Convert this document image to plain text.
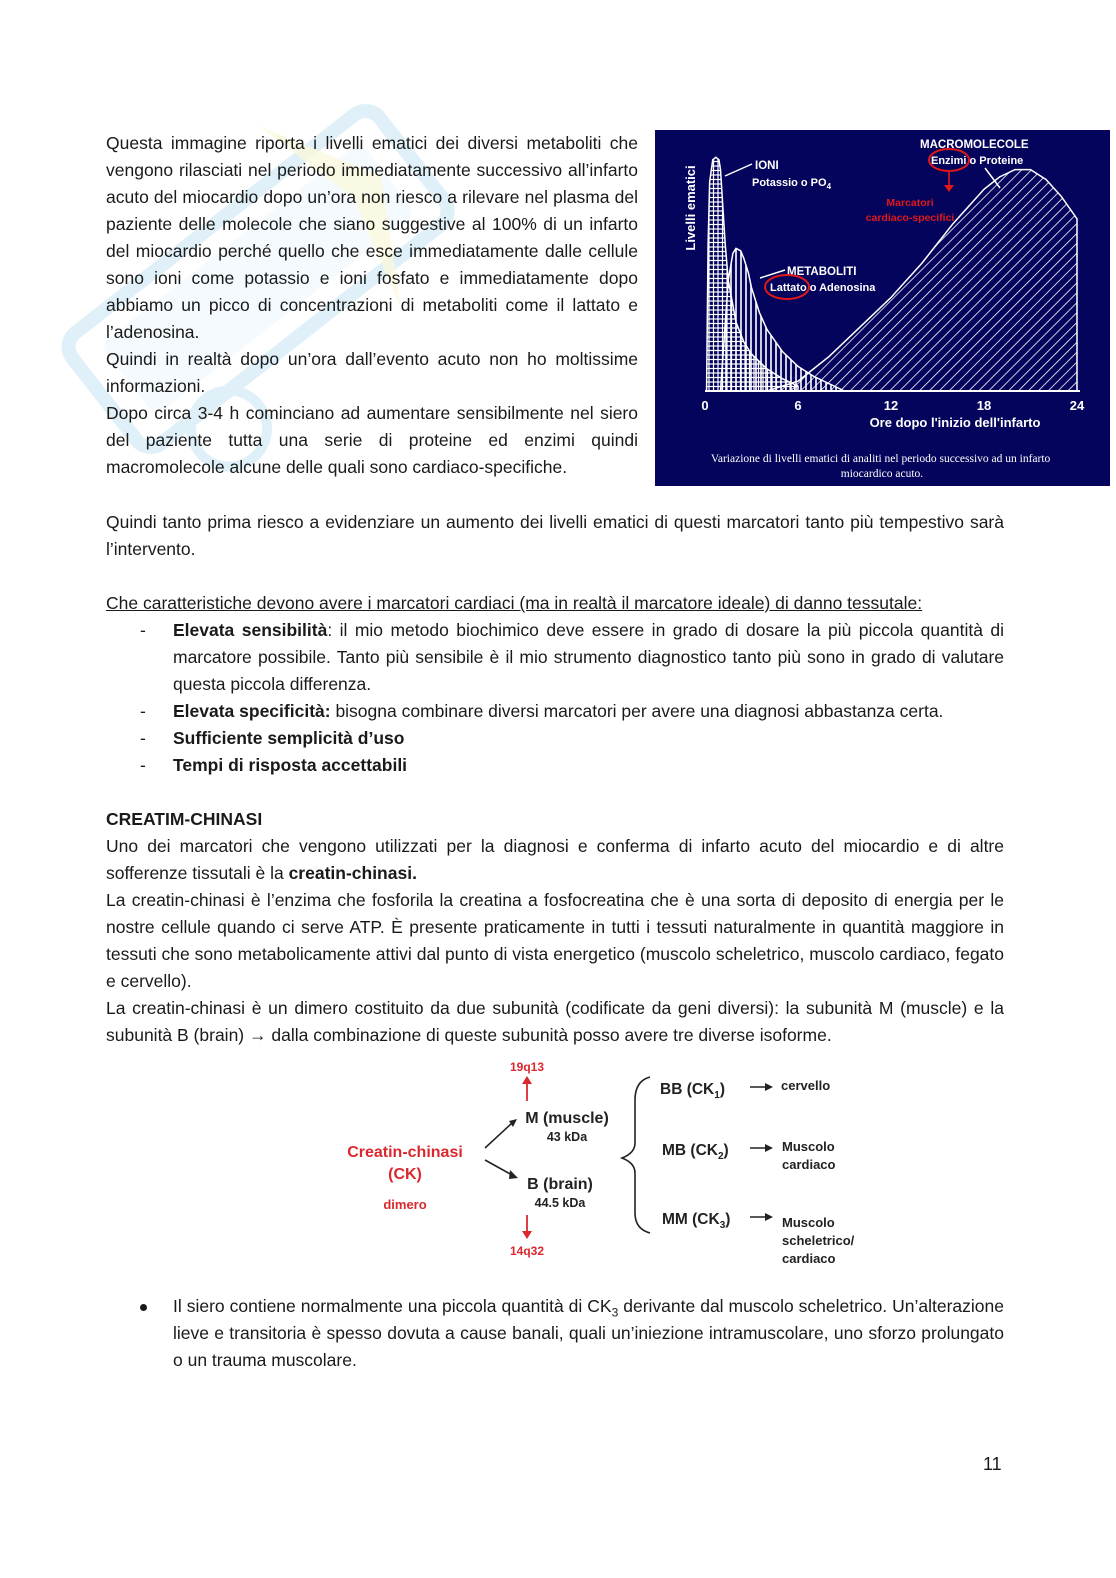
Questa immagine riporta i livelli ematici dei diversi metaboliti che vengono rilasciati nel periodo immediatamente successivo all’infarto acuto del miocardio dopo un’ora non riesco a rilevare nel plasma del paziente delle molecole che siano suggestive al 100% di un infarto del miocardio perché quello che esce immediatamente dalle cellule sono ioni come potassio e ioni fosfato e immediatamente dopo abbiamo un picco di concentrazioni di metaboliti come il lattato e l’adenosina.

Quindi in realtà dopo un’ora dall’evento acuto non ho moltissime informazioni.

Dopo circa 3-4 h cominciano ad aumentare sensibilmente nel siero del paziente tutta una serie di proteine ed enzimi quindi macromolecole alcune delle quali sono cardiaco-specifiche.

0	6	12	18	24
Livelli ematici
Ore dopo l'inizio dell'infarto
IONI
Potassio o $PO_4$
METABOLITI
Lattato o Adenosina
MACROMOLECOLE
Enzimi o Proteine
Marcatori
cardiaco-specifici
Variazione di livelli ematici di analiti nel periodo successivo ad un infarto miocardico acuto.

Quindi tanto prima riesco a evidenziare un aumento dei livelli ematici di questi marcatori tanto più tempestivo sarà l’intervento.

Che caratteristiche devono avere i marcatori cardiaci (ma in realtà il marcatore ideale) di danno tessutale:

- Elevata sensibilità: il mio metodo biochimico deve essere in grado di dosare la più piccola quantità di marcatore possibile. Tanto più sensibile è il mio strumento diagnostico tanto più sono in grado di valutare questa piccola differenza.
- Elevata specificità: bisogna combinare diversi marcatori per avere una diagnosi abbastanza certa.
- Sufficiente semplicità d’uso
- Tempi di risposta accettabili

CREATIM-CHINASI

Uno dei marcatori che vengono utilizzati per la diagnosi e conferma di infarto acuto del miocardio e di altre sofferenze tissutali è la creatin-chinasi.

La creatin-chinasi è l’enzima che fosforila la creatina a fosfocreatina che è una sorta di deposito di energia per le nostre cellule quando ci serve ATP. È presente praticamente in tutti i tessuti naturalmente in quantità maggiore in tessuti che sono metabolicamente attivi dal punto di vista energetico (muscolo scheletrico, muscolo cardiaco, fegato e cervello).

La creatin-chinasi è un dimero costituito da due subunità (codificate da geni diversi): la subunità M (muscle) e la subunità B (brain) → dalla combinazione di queste subunità posso avere tre diverse isoforme.

Creatin-chinasi
(CK)
dimero
19q13
M (muscle)
43 kDa
B (brain)
44.5 kDa
14q32
BB $(CK_1)$
MB $(CK_2)$
MM $(CK_3)$
cervello
Muscolo
cardiaco
Muscolo
scheletrico/
cardiaco
Il siero contiene normalmente una piccola quantità di $CK_3$ derivante dal muscolo scheletrico. Un’alterazione lieve e transitoria è spesso dovuta a cause banali, quali un’iniezione intramuscolare, uno sforzo prolungato o un trauma muscolare.
11
